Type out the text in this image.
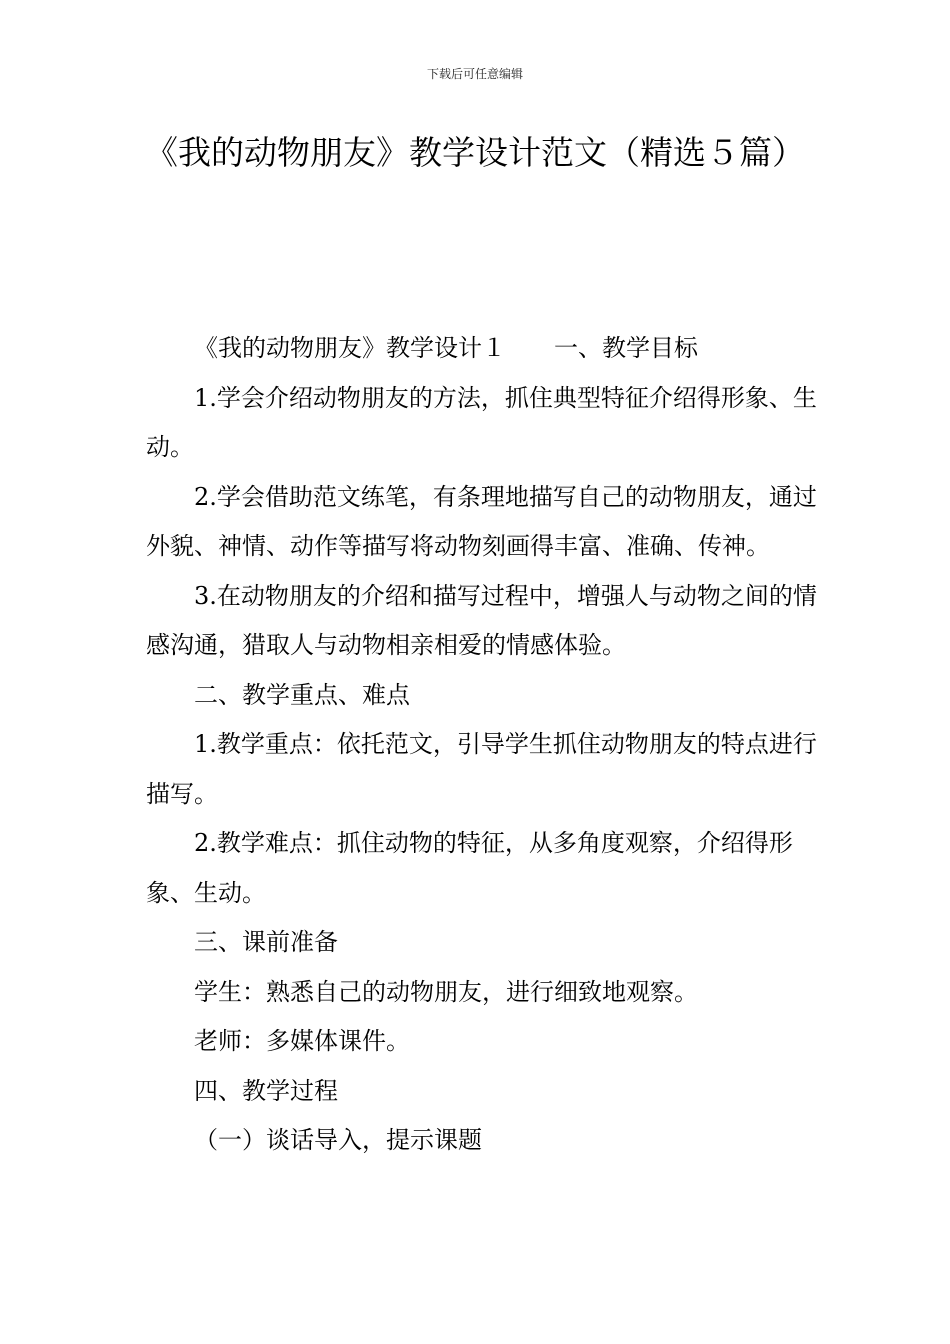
下载后可任意编辑
《我的动物朋友》教学设计范文（精选５篇）

《我的动物朋友》教学设计１ 一、教学目标

1.学会介绍动物朋友的方法，抓住典型特征介绍得形象、生动。

2.学会借助范文练笔，有条理地描写自己的动物朋友，通过外貌、神情、动作等描写将动物刻画得丰富、准确、传神。

3.在动物朋友的介绍和描写过程中，增强人与动物之间的情感沟通，猎取人与动物相亲相爱的情感体验。

二、教学重点、难点

1.教学重点：依托范文，引导学生抓住动物朋友的特点进行描写。

2.教学难点：抓住动物的特征，从多角度观察，介绍得形象、生动。

三、课前准备

学生：熟悉自己的动物朋友，进行细致地观察。

老师：多媒体课件。

四、教学过程

（一）谈话导入，提示课题
